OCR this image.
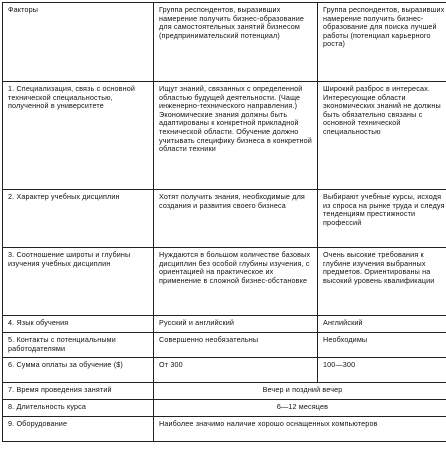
Факторы	Группа респондентов, выразивших намерение получить бизнес-образование для самостоятельных занятий бизнесом (предпринимательский потенциал)	Группа респондентов, выразивших намерение получить бизнес-образование для поиска лучшей работы (потенциал карьерного роста)
1. Специализация, связь с основной технической специальностью, полученной в университете	Ищут знаний, связанных с определенной областью будущей деятельности. (Чаще инженерно-технического направления.) Экономические знания должны быть адаптированы к конкретной прикладной технической области. Обучение должно учитывать специфику бизнеса в конкретной области техники	Широкий разброс в интересах. Интересующие области экономических знаний не должны быть обязательно связаны с основной технической специальностью
2. Характер учебных дисциплин	Хотят получить знания, необходимые для создания и развития своего бизнеса	Выбирают учебные курсы, исходя из спроса на рынке труда и следуя тенденциям престижности профессий
3. Соотношение широты и глубины изучения учебных дисциплин	Нуждаются в большом количестве базовых дисциплин без особой глубины изучения, с ориентацией на практическое их применение в сложной бизнес-обстановке	Очень высокие требования к глубине изучения выбранных предметов. Ориентированы на высокий уровень квалификации
4. Язык обучения	Русский и английский	Английский
5. Контакты с потенциальными работодателями	Совершенно необязательны	Необходимы
6. Сумма оплаты за обучение ($)	От 300	100—300
7. Время проведения занятий	Вечер и поздний вечер	
8. Длительность курса	6—12 месяцев	
9. Оборудование	Наиболее значимо наличие хорошо оснащенных компьютеров	
